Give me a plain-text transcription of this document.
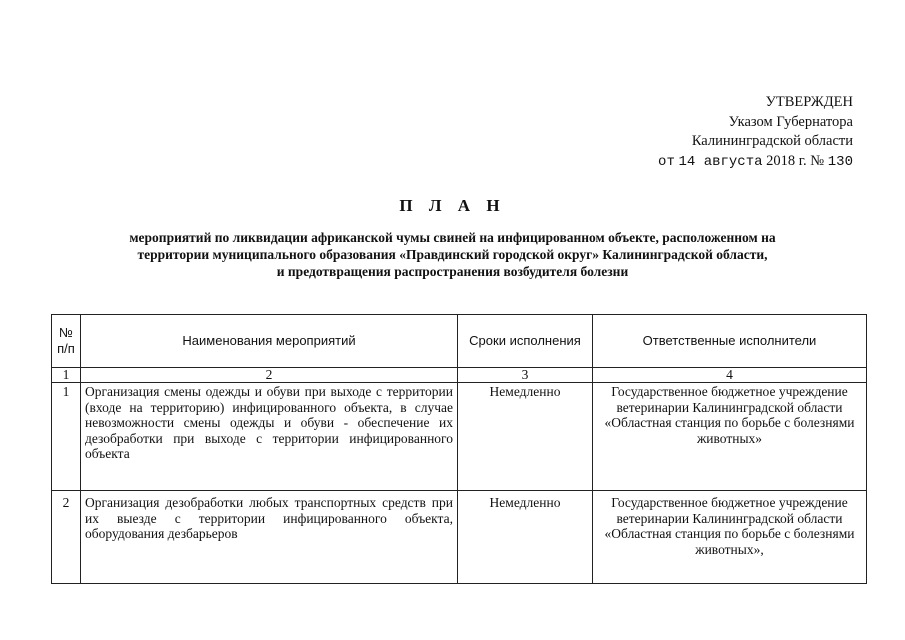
УТВЕРЖДЕН
Указом Губернатора
Калининградской области
от 14 августа 2018 г. № 130
П Л А Н
мероприятий по ликвидации африканской чумы свиней на инфицированном объекте, расположенном на
территории муниципального образования «Правдинский городской округ» Калининградской области,
и предотвращения распространения возбудителя болезни
№ п/п	Наименования мероприятий	Сроки исполнения	Ответственные исполнители
1	2	3	4
1	Организация смены одежды и обуви при выходе с территории (входе на территорию) инфицированного объекта, в случае невозможности смены одежды и обуви - обеспечение их дезобработки при выходе с территории инфицированного объекта	Немедленно	Государственное бюджетное учреждение ветеринарии Калининградской области «Областная станция по борьбе с болезнями животных»
2	Организация дезобработки любых транспортных средств при их выезде с территории инфицированного объекта, оборудования дезбарьеров	Немедленно	Государственное бюджетное учреждение ветеринарии Калининградской области «Областная станция по борьбе с болезнями животных»,
